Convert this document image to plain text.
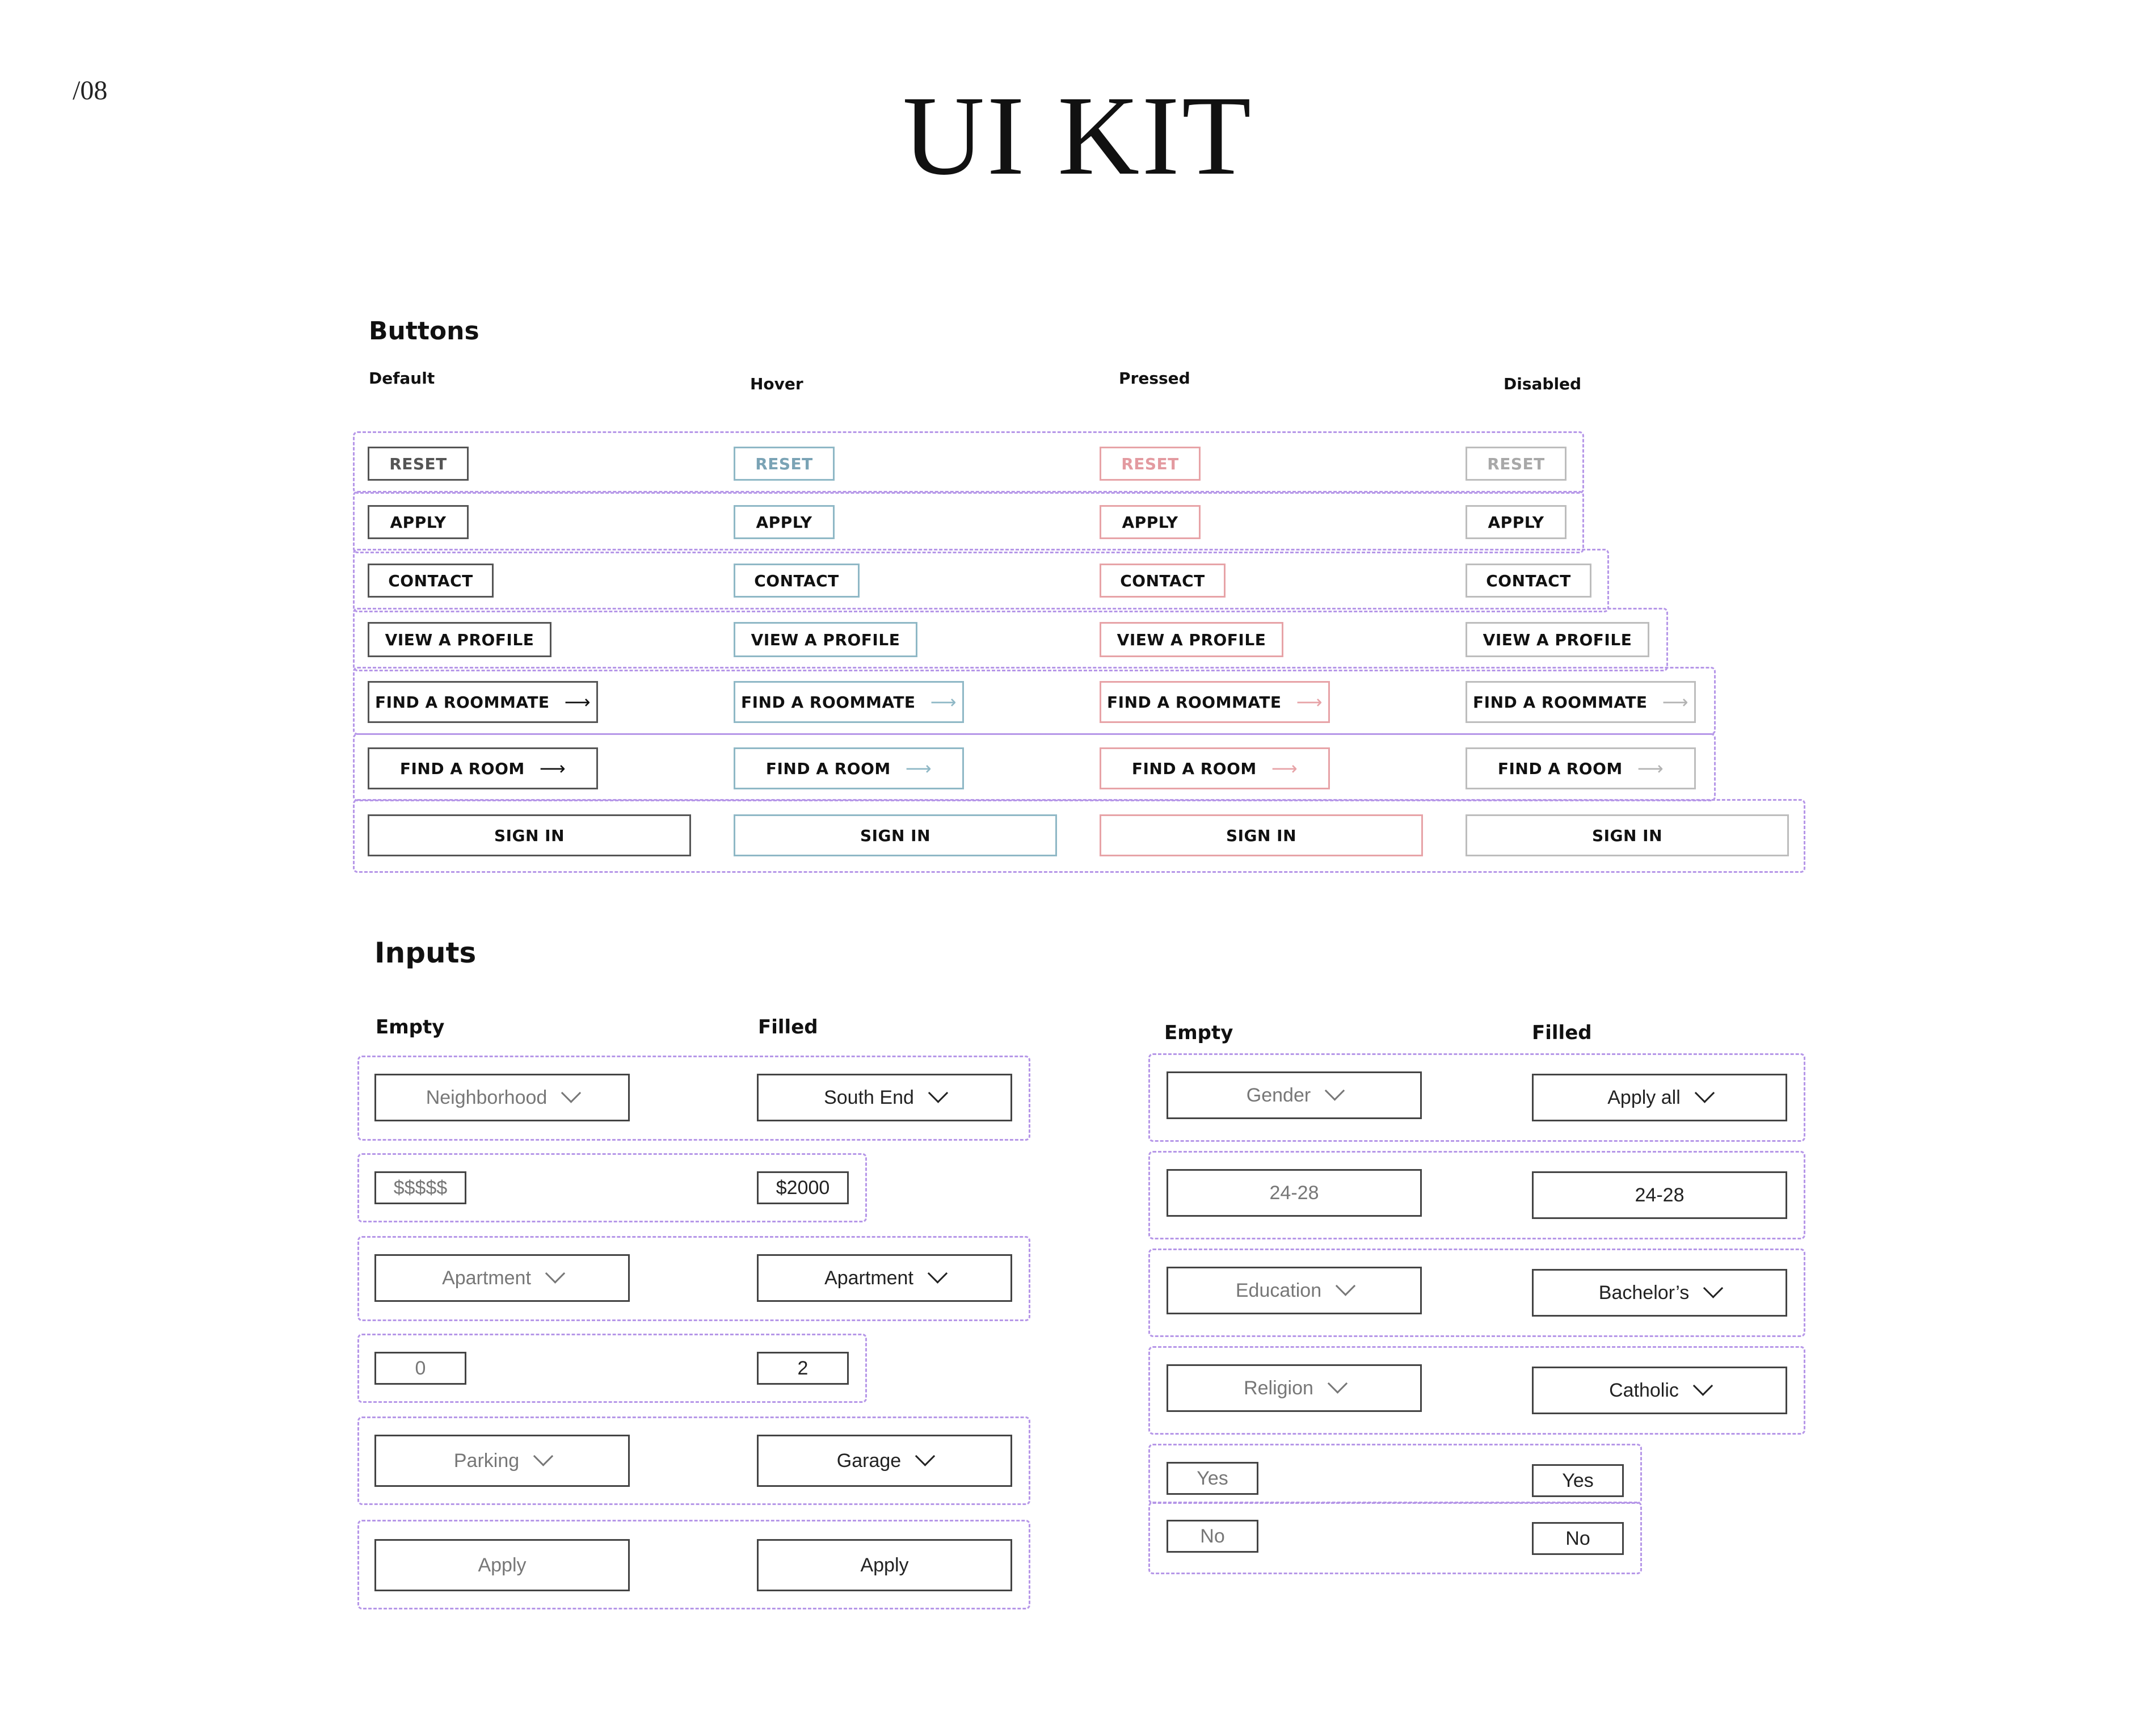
/08	UI KIT
Buttons
Default	Hover	Pressed	Disabled
RESET	RESET	RESET	RESET
APPLY	APPLY	APPLY	APPLY
CONTACT	CONTACT	CONTACT	CONTACT
VIEW A PROFILE	VIEW A PROFILE	VIEW A PROFILE	VIEW A PROFILE
FIND A ROOMMATE ⟶	FIND A ROOMMATE ⟶	FIND A ROOMMATE ⟶	FIND A ROOMMATE ⟶
FIND A ROOM ⟶	FIND A ROOM ⟶	FIND A ROOM ⟶	FIND A ROOM ⟶
SIGN IN	SIGN IN	SIGN IN	SIGN IN
Inputs
Empty	Filled	Empty	Filled
Neighborhood	South End
$$$$$	$2000
Apartment	Apartment
0	2
Parking	Garage
Apply	Apply
Gender	Apply all
24-28	24-28
Education	Bachelor’s
Religion	Catholic
Yes	Yes
No	No
